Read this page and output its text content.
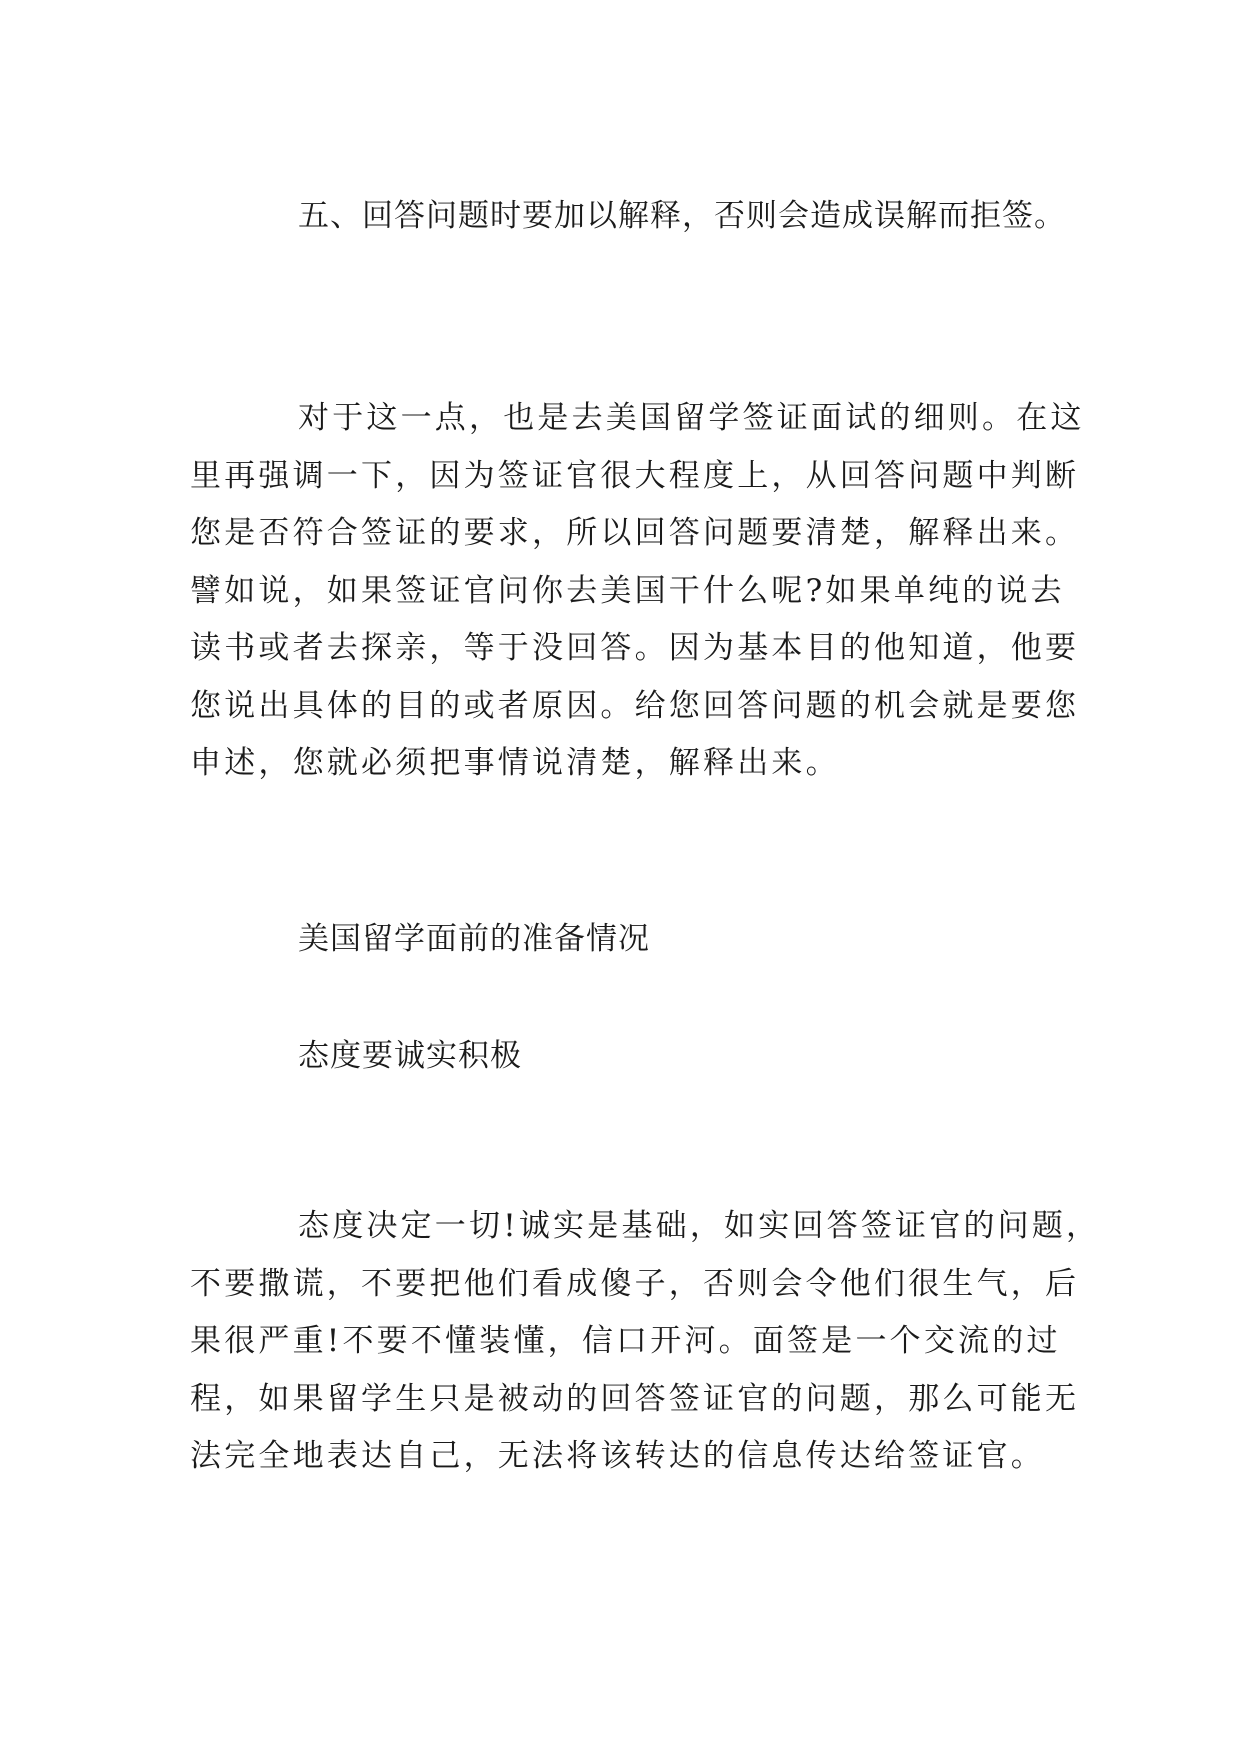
五、回答问题时要加以解释，否则会造成误解而拒签。
对于这一点，也是去美国留学签证面试的细则。在这
里再强调一下，因为签证官很大程度上，从回答问题中判断
您是否符合签证的要求，所以回答问题要清楚，解释出来。
譬如说，如果签证官问你去美国干什么呢?如果单纯的说去
读书或者去探亲，等于没回答。因为基本目的他知道，他要
您说出具体的目的或者原因。给您回答问题的机会就是要您
申述，您就必须把事情说清楚，解释出来。
美国留学面前的准备情况
态度要诚实积极
态度决定一切!诚实是基础，如实回答签证官的问题，
不要撒谎，不要把他们看成傻子，否则会令他们很生气，后
果很严重!不要不懂装懂，信口开河。面签是一个交流的过
程，如果留学生只是被动的回答签证官的问题，那么可能无
法完全地表达自己，无法将该转达的信息传达给签证官。
